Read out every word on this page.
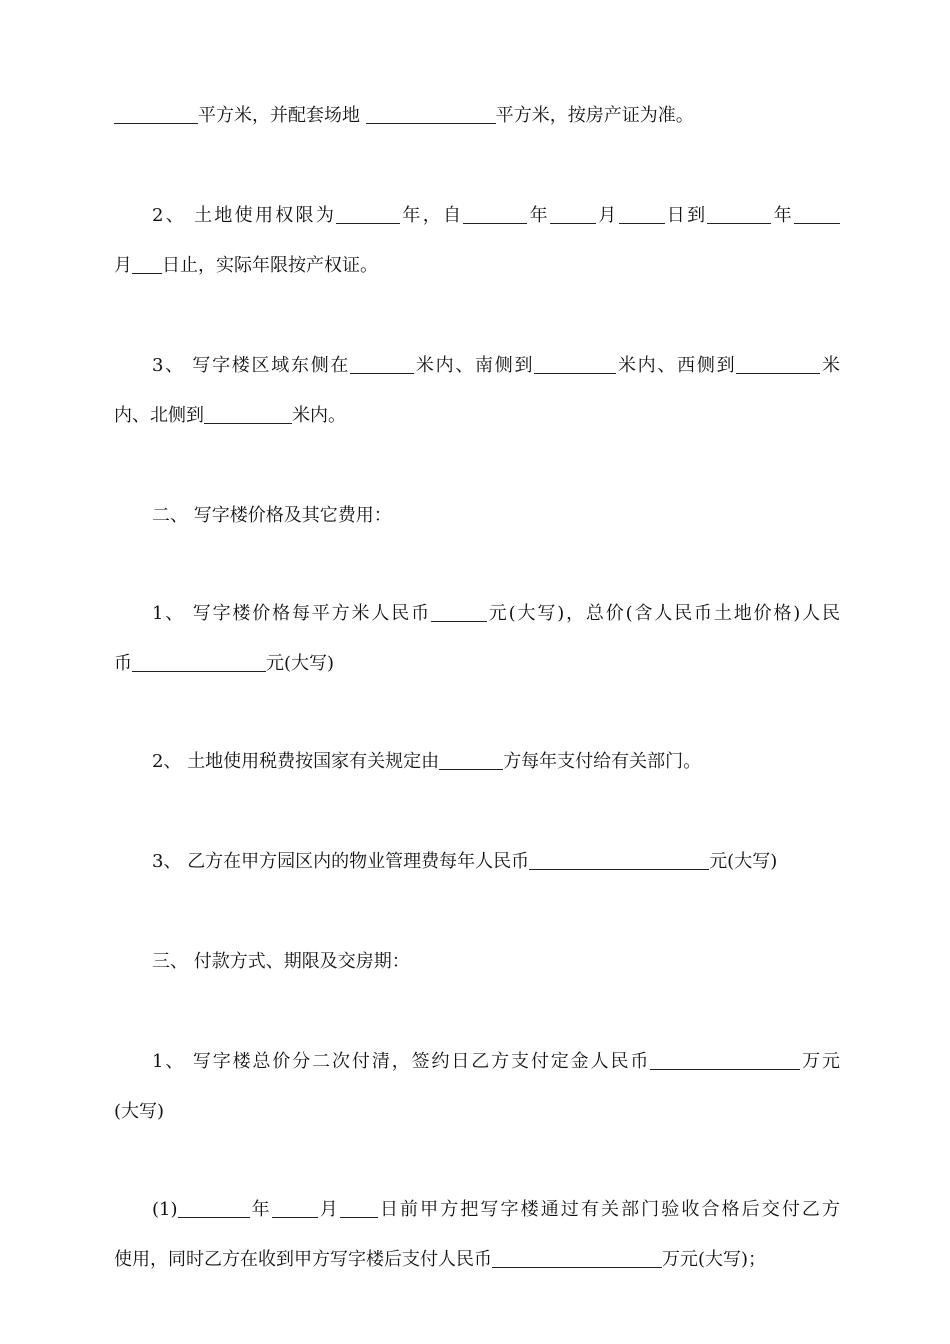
平方米，并配套场地	平方米，按房产证为准。
2、 土地使用权限为	年，自	年	月	日到	年
月 日止，实际年限按产权证。
3、 写字楼区域东侧在	米内、南侧到	米内、西侧到	米
内、北侧到	米内。
二、 写字楼价格及其它费用：
1、 写字楼价格每平方米人民币	元(大写)，总价(含人民币土地价格)人民
币	元(大写)
2、 土地使用税费按国家有关规定由	方每年支付给有关部门。
3、 乙方在甲方园区内的物业管理费每年人民币	元(大写)
三、 付款方式、期限及交房期：
1、 写字楼总价分二次付清，签约日乙方支付定金人民币	万元
(大写)
(1)	年	月 日前甲方把写字楼通过有关部门验收合格后交付乙方
使用，同时乙方在收到甲方写字楼后支付人民币	万元(大写)；
